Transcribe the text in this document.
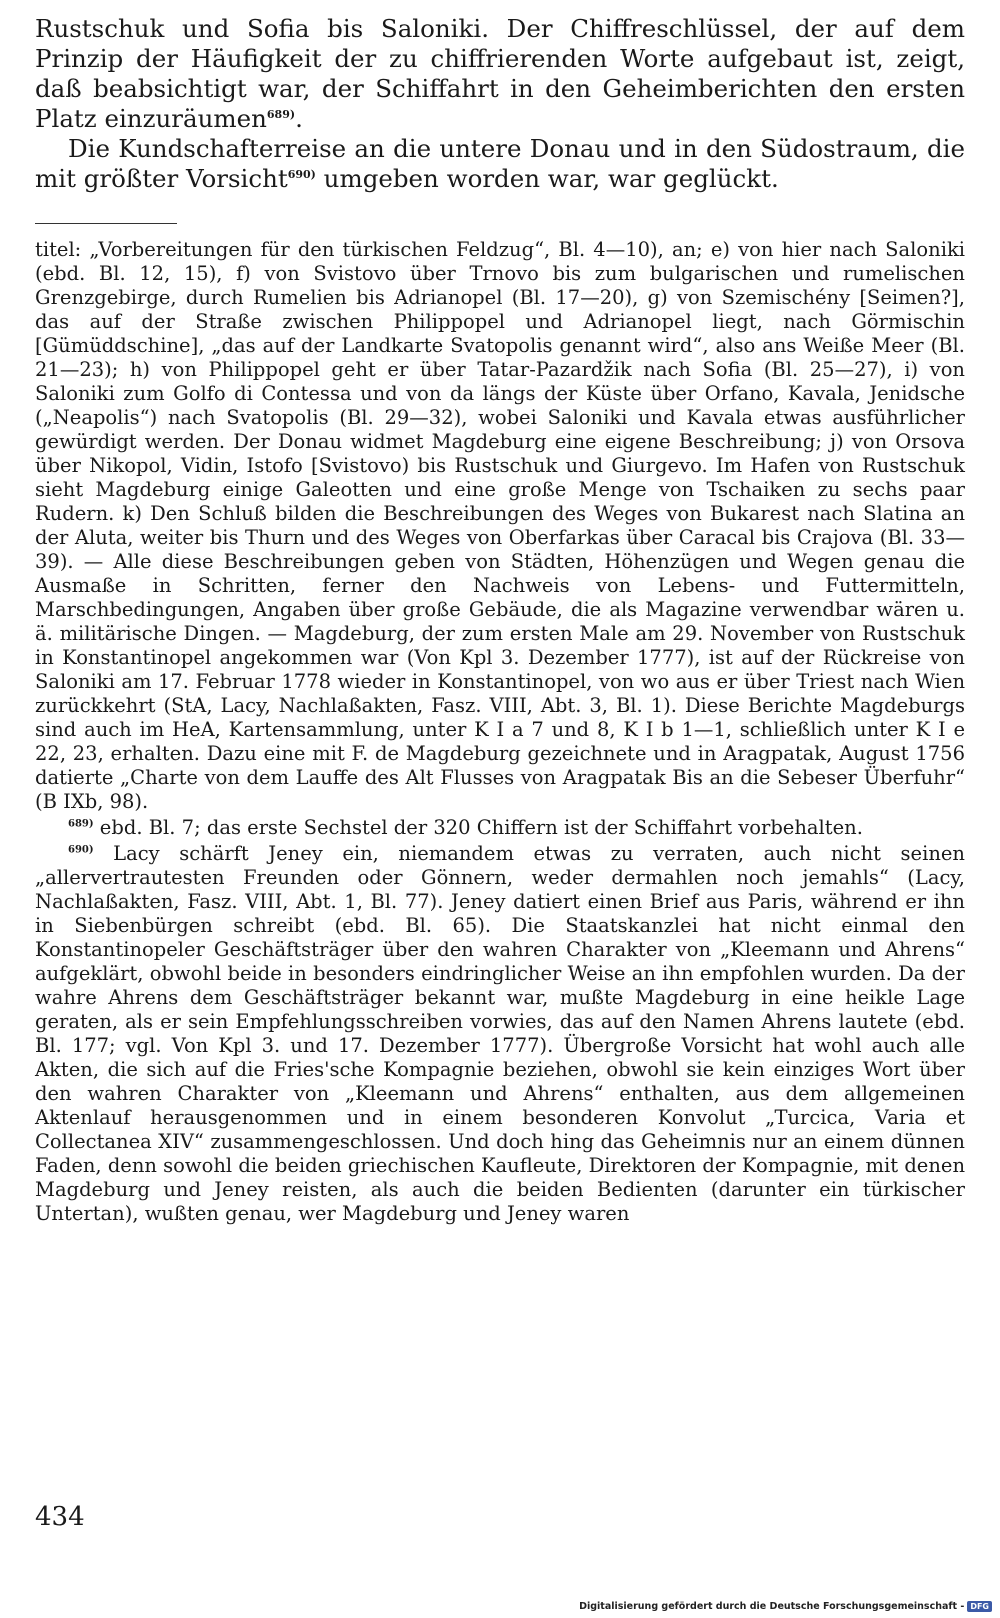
Rustschuk und Sofia bis Saloniki. Der Chiffreschlüssel, der auf dem Prinzip der Häufigkeit der zu chiffrierenden Worte aufgebaut ist, zeigt, daß beabsichtigt war, der Schiffahrt in den Geheimberichten den ersten Platz einzuräumen$^{689)}$.

Die Kundschafterreise an die untere Donau und in den Südostraum, die mit größter Vorsicht$^{690)}$ umgeben worden war, war geglückt.

titel: „Vorbereitungen für den türkischen Feldzug“, Bl. 4—10), an; e) von hier nach Saloniki (ebd. Bl. 12, 15), f) von Svistovo über Trnovo bis zum bulgarischen und rumelischen Grenzgebirge, durch Rumelien bis Adrianopel (Bl. 17—20), g) von Szemischény [Seimen?], das auf der Straße zwischen Philippopel und Adrianopel liegt, nach Görmischin [Gümüddschine], „das auf der Landkarte Svatopolis genannt wird“, also ans Weiße Meer (Bl. 21—23); h) von Philippopel geht er über Tatar-Pazardžik nach Sofia (Bl. 25—27), i) von Saloniki zum Golfo di Contessa und von da längs der Küste über Orfano, Kavala, Jenidsche („Neapolis“) nach Svatopolis (Bl. 29—32), wobei Saloniki und Kavala etwas ausführlicher gewürdigt werden. Der Donau widmet Magdeburg eine eigene Beschreibung; j) von Orsova über Nikopol, Vidin, Istofo [Svistovo) bis Rustschuk und Giurgevo. Im Hafen von Rustschuk sieht Magdeburg einige Galeotten und eine große Menge von Tschaiken zu sechs paar Rudern. k) Den Schluß bilden die Beschreibungen des Weges von Bukarest nach Slatina an der Aluta, weiter bis Thurn und des Weges von Oberfarkas über Caracal bis Crajova (Bl. 33—39). — Alle diese Beschreibungen geben von Städten, Höhenzügen und Wegen genau die Ausmaße in Schritten, ferner den Nachweis von Lebens- und Futtermitteln, Marschbedingungen, Angaben über große Gebäude, die als Magazine verwendbar wären u. ä. militärische Dingen. — Magdeburg, der zum ersten Male am 29. November von Rustschuk in Konstantinopel angekommen war (Von Kpl 3. Dezember 1777), ist auf der Rückreise von Saloniki am 17. Februar 1778 wieder in Konstantinopel, von wo aus er über Triest nach Wien zurückkehrt (StA, Lacy, Nachlaßakten, Fasz. VIII, Abt. 3, Bl. 1). Diese Berichte Magdeburgs sind auch im HeA, Kartensammlung, unter K I a 7 und 8, K I b 1—1, schließlich unter K I e 22, 23, erhalten. Dazu eine mit F. de Magdeburg gezeichnete und in Aragpatak, August 1756 datierte „Charte von dem Lauffe des Alt Flusses von Aragpatak Bis an die Sebeser Überfuhr“ (B IXb, 98).

$^{689)}$ ebd. Bl. 7; das erste Sechstel der 320 Chiffern ist der Schiffahrt vorbehalten.

$^{690)}$ Lacy schärft Jeney ein, niemandem etwas zu verraten, auch nicht seinen „allervertrautesten Freunden oder Gönnern, weder dermahlen noch jemahls“ (Lacy, Nachlaßakten, Fasz. VIII, Abt. 1, Bl. 77). Jeney datiert einen Brief aus Paris, während er ihn in Siebenbürgen schreibt (ebd. Bl. 65). Die Staatskanzlei hat nicht einmal den Konstantinopeler Geschäftsträger über den wahren Charakter von „Kleemann und Ahrens“ aufgeklärt, obwohl beide in besonders eindringlicher Weise an ihn empfohlen wurden. Da der wahre Ahrens dem Geschäftsträger bekannt war, mußte Magdeburg in eine heikle Lage geraten, als er sein Empfehlungsschreiben vorwies, das auf den Namen Ahrens lautete (ebd. Bl. 177; vgl. Von Kpl 3. und 17. Dezember 1777). Übergroße Vorsicht hat wohl auch alle Akten, die sich auf die Fries'sche Kompagnie beziehen, obwohl sie kein einziges Wort über den wahren Charakter von „Kleemann und Ahrens“ enthalten, aus dem allgemeinen Aktenlauf herausgenommen und in einem besonderen Konvolut „Turcica, Varia et Collectanea XIV“ zusammengeschlossen. Und doch hing das Geheimnis nur an einem dünnen Faden, denn sowohl die beiden griechischen Kaufleute, Direktoren der Kompagnie, mit denen Magdeburg und Jeney reisten, als auch die beiden Bedienten (darunter ein türkischer Untertan), wußten genau, wer Magdeburg und Jeney waren

434
Digitalisierung gefördert durch die Deutsche Forschungsgemeinschaft - DFG
